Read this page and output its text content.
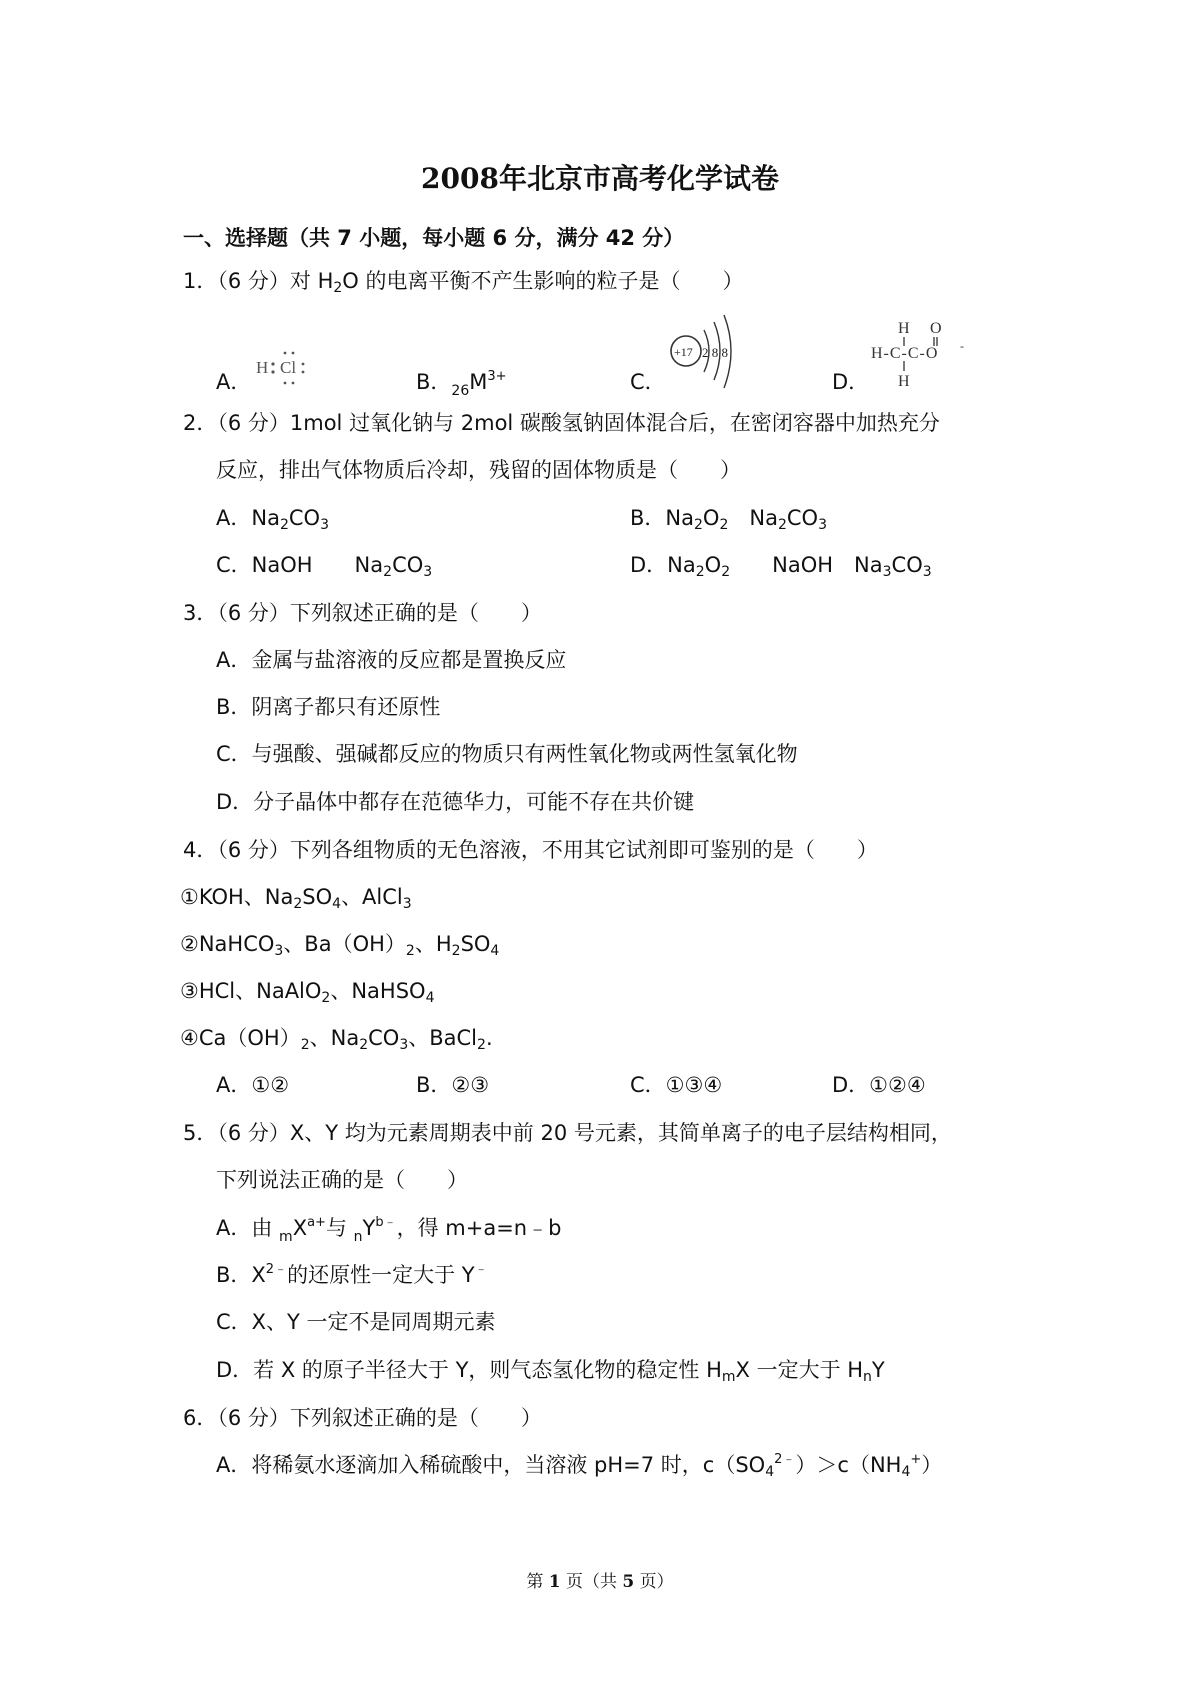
2008年北京市高考化学试卷
一、选择题（共 7 小题，每小题 6 分，满分 42 分）
1．（6 分）对 $H_2O$ 的电离平衡不产生影响的粒子是（　　）
A．
H Cl
B．$_{26}M^{3+}$	C．
+17 2 8 8
D．
H O
H-C-C-O -
H
2．（6 分）1mol 过氧化钠与 2mol 碳酸氢钠固体混合后，在密闭容器中加热充分
反应，排出气体物质后冷却，残留的固体物质是（　　）
A．$Na_2CO_3$	B．$Na_2O_2$　$Na_2CO_3$
C．NaOH　　$Na_2CO_3$	D．$Na_2O_2$　　NaOH　$Na_3CO_3$
3．（6 分）下列叙述正确的是（　　）
A．金属与盐溶液的反应都是置换反应
B．阴离子都只有还原性
C．与强酸、强碱都反应的物质只有两性氧化物或两性氢氧化物
D．分子晶体中都存在范德华力，可能不存在共价键
4．（6 分）下列各组物质的无色溶液，不用其它试剂即可鉴别的是（　　）
①KOH、$Na_2SO_4$、AlCl$_3$
②NaHCO$_3$、$Ba(OH)_2$、$H_2SO_4$
③HCl、NaAlO$_2$、NaHSO$_4$
$④Ca(OH)_2$、$Na_2CO_3$、BaCl$_2$.
A．①②	B．②③	C．①③④	D．①②④
5．（6 分）X、Y 均为元素周期表中前 20 号元素，其简单离子的电子层结构相同，
下列说法正确的是（　　）
A．由 $_mX^{a+}$与 $_nY^{b﹣}$，得 m+a=n﹣b
B．$X^{2﹣}$的还原性一定大于 Y﹣
C．X、Y 一定不是同周期元素
D．若 X 的原子半径大于 Y，则气态氢化物的稳定性 $H_mX$ 一定大于 $H_nY$
6．（6 分）下列叙述正确的是（　　）
A．将稀氨水逐滴加入稀硫酸中，当溶液 pH=7 时，$c(SO_4^{2﹣})>c(NH_4^+)$
第 1 页（共 5 页）
